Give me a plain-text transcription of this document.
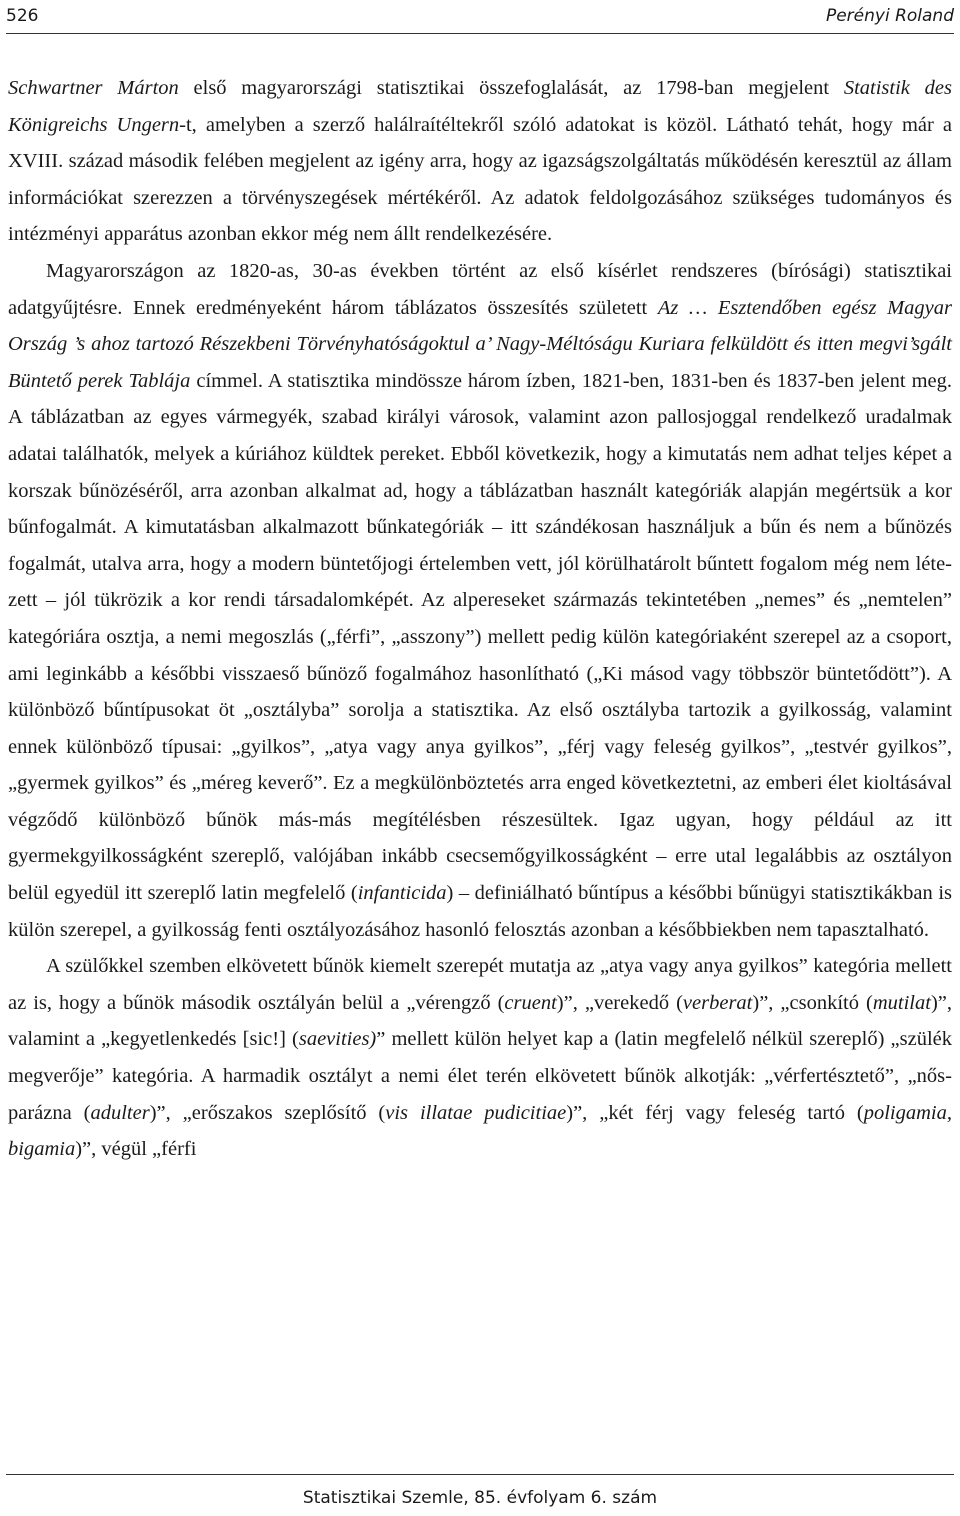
526	Perényi Roland

Schwartner Márton első magyarországi statisztikai összefoglalását, az 1798-ban megjelent Statistik des Königreichs Ungern-t, amelyben a szerző halálraítéltekről szóló adatokat is közöl. Látható tehát, hogy már a XVIII. század második felében megjelent az igény arra, hogy az igazságszolgáltatás működésén keresztül az állam információkat szerezzen a törvényszegések mértékéről. Az adatok feldolgozásához szükséges tudományos és intézményi apparátus azonban ekkor még nem állt rendelkezésére.

Magyarországon az 1820-as, 30-as években történt az első kísérlet rendszeres (bírósági) statisztikai adatgyűjtésre. Ennek eredményeként három táblázatos összesítés született Az … Esztendőben egész Magyar Ország ’s ahoz tartozó Részekbeni Törvényhatóságoktul a’ Nagy-Méltóságu Kuriara felküldött és itten megvi’sgált Büntető perek Tablája címmel. A statisztika mindössze három ízben, 1821-ben, 1831-ben és 1837-ben jelent meg. A táblázatban az egyes vármegyék, szabad királyi városok, valamint azon pallosjoggal rendelkező uradalmak adatai találhatók, melyek a kúriához küldtek pereket. Ebből következik, hogy a kimutatás nem adhat teljes képet a korszak bűnözéséről, arra azonban alkalmat ad, hogy a táblázatban használt kategóriák alapján megértsük a kor bűnfogalmát. A kimutatásban alkalmazott bűnkategóriák – itt szándékosan használjuk a bűn és nem a bűnözés fogalmát, utalva arra, hogy a modern büntetőjogi értelemben vett, jól körülhatárolt bűntett fogalom még nem létezett – jól tükrözik a kor rendi társadalomképét. Az alpereseket származás tekintetében „nemes” és „nemtelen” kategóriára osztja, a nemi megoszlás („férfi”, „asszony”) mellett pedig külön kategóriaként szerepel az a csoport, ami leginkább a későbbi visszaeső bűnöző fogalmához hasonlítható („Ki másod vagy többször büntetődött”). A különböző bűntípusokat öt „osztályba” sorolja a statisztika. Az első osztályba tartozik a gyilkosság, valamint ennek különböző típusai: „gyilkos”, „atya vagy anya gyilkos”, „férj vagy feleség gyilkos”, „testvér gyilkos”, „gyermek gyilkos” és „méreg keverő”. Ez a megkülönböztetés arra enged következtetni, az emberi élet kioltásával végződő különböző bűnök más-más megítélésben részesültek. Igaz ugyan, hogy például az itt gyermekgyilkosságként szereplő, valójában inkább csecsemőgyilkosságként – erre utal legalábbis az osztályon belül egyedül itt szereplő latin megfelelő (infanticida) – definiálható bűntípus a későbbi bűnügyi statisztikákban is külön szerepel, a gyilkosság fenti osztályozásához hasonló felosztás azonban a későbbiekben nem tapasztalható.

A szülőkkel szemben elkövetett bűnök kiemelt szerepét mutatja az „atya vagy anya gyilkos” kategória mellett az is, hogy a bűnök második osztályán belül a „vérengző (cruent)”, „verekedő (verberat)”, „csonkító (mutilat)”, valamint a „kegyetlenkedés [sic!] (saevities)” mellett külön helyet kap a (latin megfelelő nélkül szereplő) „szülék megverője” kategória. A harmadik osztályt a nemi élet terén elkövetett bűnök alkotják: „vérfertésztető”, „nős-parázna (adulter)”, „erőszakos szeplősítő (vis illatae pudicitiae)”, „két férj vagy feleség tartó (poligamia, bigamia)”, végül „férfi

Statisztikai Szemle, 85. évfolyam 6. szám
